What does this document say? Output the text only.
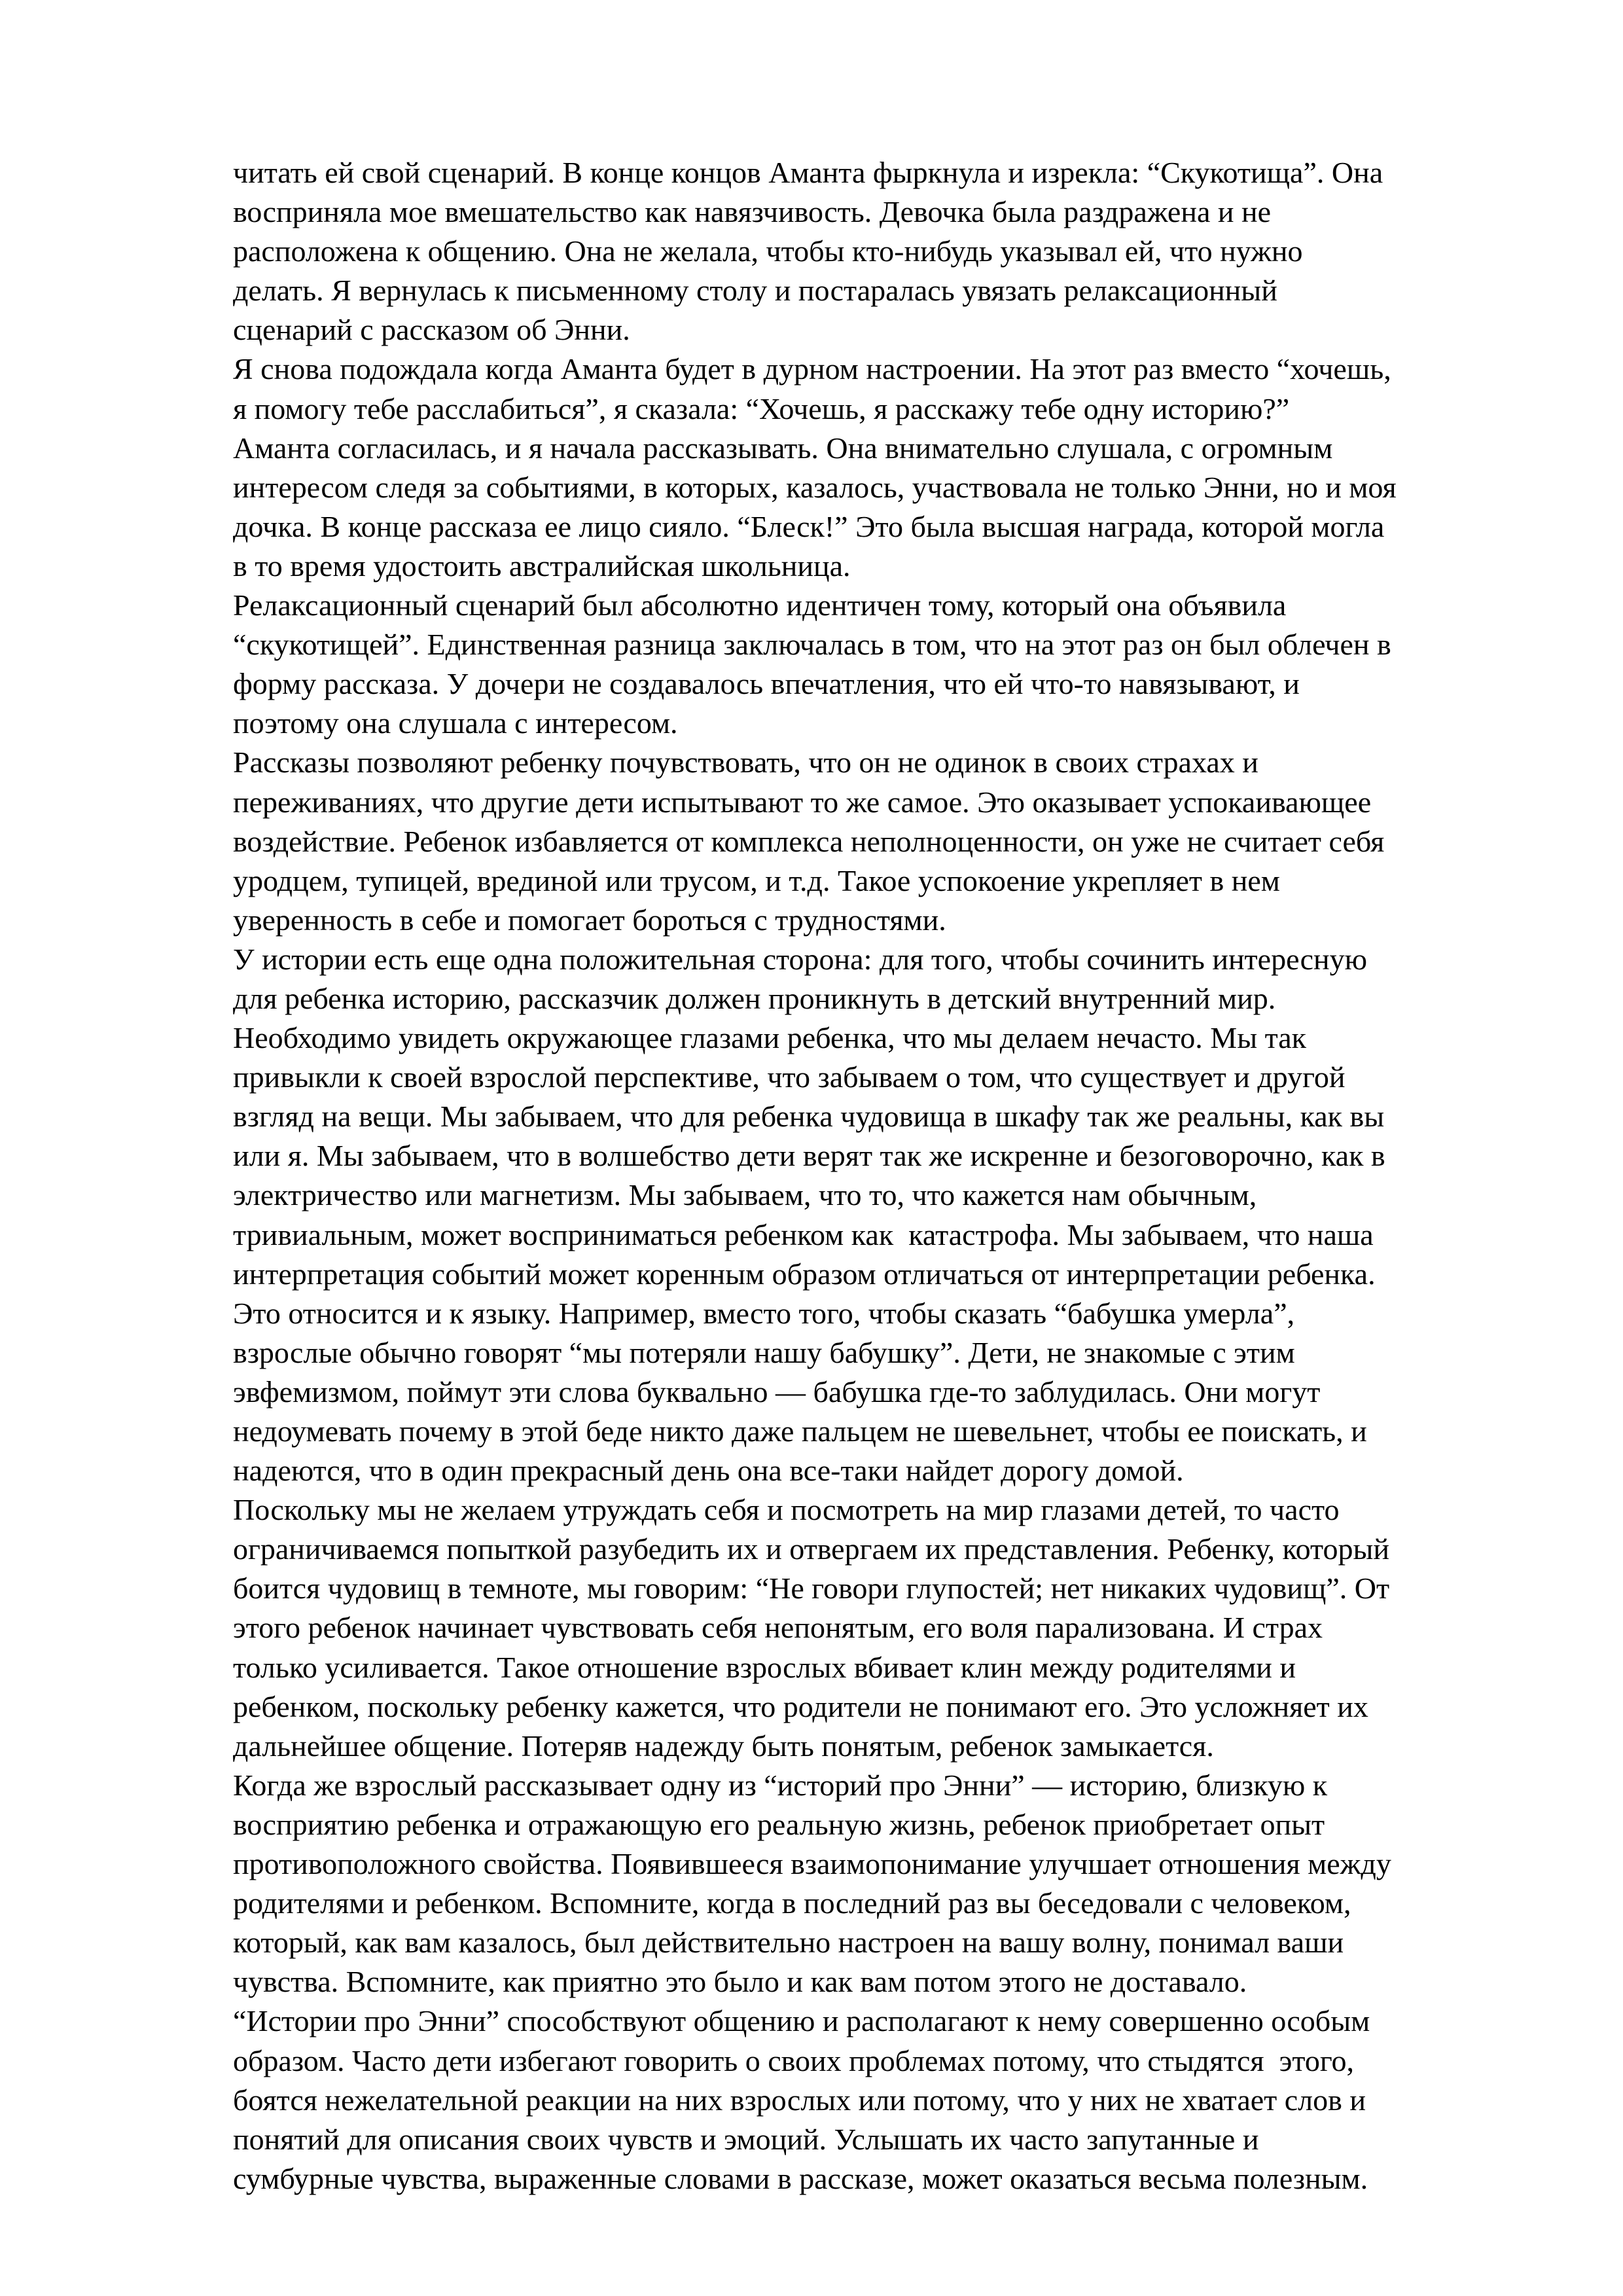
читать ей свой сценарий. В конце концов Аманта фыркнула и изрекла: “Скукотища”. Она
восприняла мое вмешательство как навязчивость. Девочка была раздражена и не
расположена к общению. Она не желала, чтобы кто-нибудь указывал ей, что нужно
делать. Я вернулась к письменному столу и постаралась увязать релаксационный
сценарий с рассказом об Энни.
Я снова подождала когда Аманта будет в дурном настроении. На этот раз вместо “хочешь,
я помогу тебе расслабиться”, я сказала: “Хочешь, я расскажу тебе одну историю?”
Аманта согласилась, и я начала рассказывать. Она внимательно слушала, с огромным
интересом следя за событиями, в которых, казалось, участвовала не только Энни, но и моя
дочка. В конце рассказа ее лицо сияло. “Блеск!” Это была высшая награда, которой могла
в то время удостоить австралийская школьница.
Релаксационный сценарий был абсолютно идентичен тому, который она объявила
“скукотищей”. Единственная разница заключалась в том, что на этот раз он был облечен в
форму рассказа. У дочери не создавалось впечатления, что ей что-то навязывают, и
поэтому она слушала с интересом.
Рассказы позволяют ребенку почувствовать, что он не одинок в своих страхах и
переживаниях, что другие дети испытывают то же самое. Это оказывает успокаивающее
воздействие. Ребенок избавляется от комплекса неполноценности, он уже не считает себя
уродцем, тупицей, врединой или трусом, и т.д. Такое успокоение укрепляет в нем
уверенность в себе и помогает бороться с трудностями.
У истории есть еще одна положительная сторона: для того, чтобы сочинить интересную
для ребенка историю, рассказчик должен проникнуть в детский внутренний мир.
Необходимо увидеть окружающее глазами ребенка, что мы делаем нечасто. Мы так
привыкли к своей взрослой перспективе, что забываем о том, что существует и другой
взгляд на вещи. Мы забываем, что для ребенка чудовища в шкафу так же реальны, как вы
или я. Мы забываем, что в волшебство дети верят так же искренне и безоговорочно, как в
электричество или магнетизм. Мы забываем, что то, что кажется нам обычным,
тривиальным, может восприниматься ребенком как  катастрофа. Мы забываем, что наша
интерпретация событий может коренным образом отличаться от интерпретации ребенка.
Это относится и к языку. Например, вместо того, чтобы сказать “бабушка умерла”,
взрослые обычно говорят “мы потеряли нашу бабушку”. Дети, не знакомые с этим
эвфемизмом, поймут эти слова буквально — бабушка где-то заблудилась. Они могут
недоумевать почему в этой беде никто даже пальцем не шевельнет, чтобы ее поискать, и
надеются, что в один прекрасный день она все-таки найдет дорогу домой.
Поскольку мы не желаем утруждать себя и посмотреть на мир глазами детей, то часто
ограничиваемся попыткой разубедить их и отвергаем их представления. Ребенку, который
боится чудовищ в темноте, мы говорим: “Не говори глупостей; нет никаких чудовищ”. От
этого ребенок начинает чувствовать себя непонятым, его воля парализована. И страх
только усиливается. Такое отношение взрослых вбивает клин между родителями и
ребенком, поскольку ребенку кажется, что родители не понимают его. Это усложняет их
дальнейшее общение. Потеряв надежду быть понятым, ребенок замыкается.
Когда же взрослый рассказывает одну из “историй про Энни” — историю, близкую к
восприятию ребенка и отражающую его реальную жизнь, ребенок приобретает опыт
противоположного свойства. Появившееся взаимопонимание улучшает отношения между
родителями и ребенком. Вспомните, когда в последний раз вы беседовали с человеком,
который, как вам казалось, был действительно настроен на вашу волну, понимал ваши
чувства. Вспомните, как приятно это было и как вам потом этого не доставало.
“Истории про Энни” способствуют общению и располагают к нему совершенно особым
образом. Часто дети избегают говорить о своих проблемах потому, что стыдятся  этого,
боятся нежелательной реакции на них взрослых или потому, что у них не хватает слов и
понятий для описания своих чувств и эмоций. Услышать их часто запутанные и
сумбурные чувства, выраженные словами в рассказе, может оказаться весьма полезным.
